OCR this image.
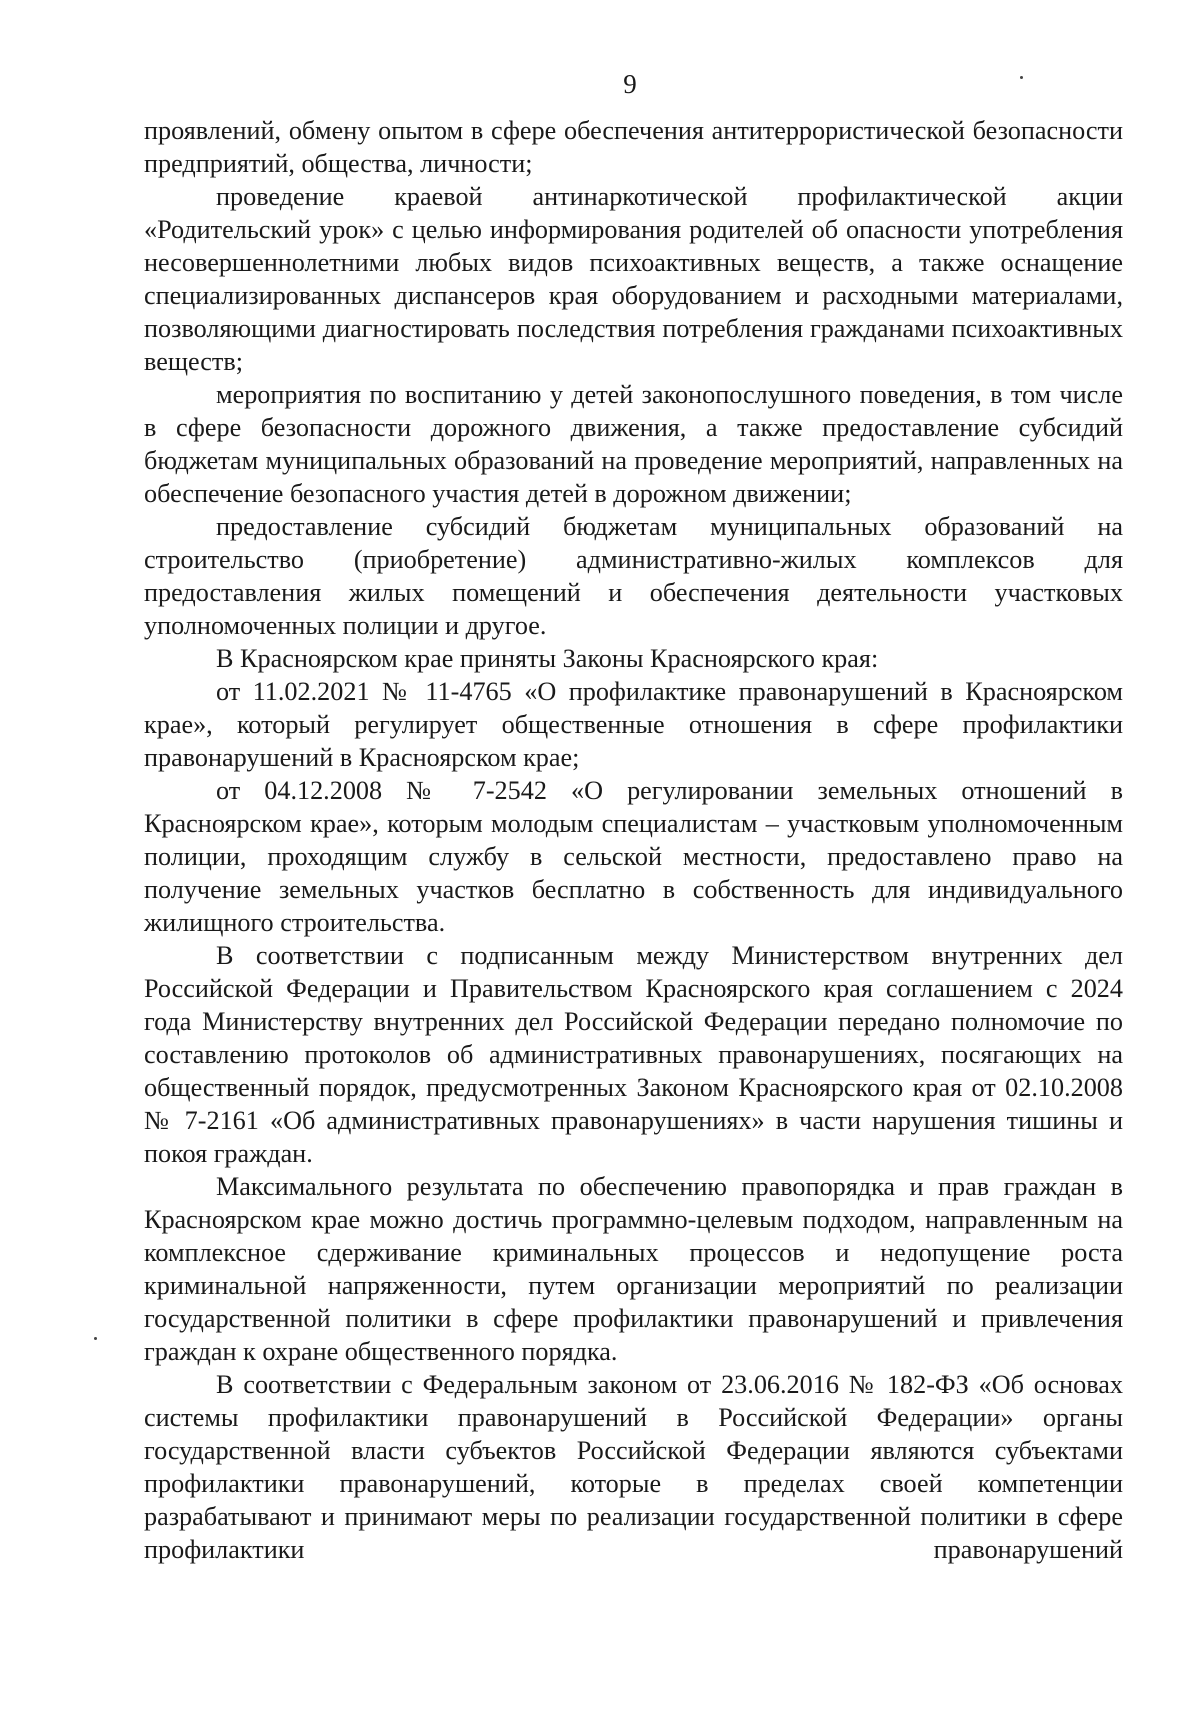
9

проявлений, обмену опытом в сфере обеспечения антитеррористической безопасности предприятий, общества, личности;

проведение краевой антинаркотической профилактической акции «Родительский урок» с целью информирования родителей об опасности употребления несовершеннолетними любых видов психоактивных веществ, а также оснащение специализированных диспансеров края оборудованием и расходными материалами, позволяющими диагностировать последствия потребления гражданами психоактивных веществ;

мероприятия по воспитанию у детей законопослушного поведения, в том числе в сфере безопасности дорожного движения, а также предоставление субсидий бюджетам муниципальных образований на проведение мероприятий, направленных на обеспечение безопасного участия детей в дорожном движении;

предоставление субсидий бюджетам муниципальных образований на строительство (приобретение) административно-жилых комплексов для предоставления жилых помещений и обеспечения деятельности участковых уполномоченных полиции и другое.

В Красноярском крае приняты Законы Красноярского края:

от 11.02.2021 № 11-4765 «О профилактике правонарушений в Красноярском крае», который регулирует общественные отношения в сфере профилактики правонарушений в Красноярском крае;

от 04.12.2008 № 7-2542 «О регулировании земельных отношений в Красноярском крае», которым молодым специалистам – участковым уполномоченным полиции, проходящим службу в сельской местности, предоставлено право на получение земельных участков бесплатно в собственность для индивидуального жилищного строительства.

В соответствии с подписанным между Министерством внутренних дел Российской Федерации и Правительством Красноярского края соглашением с 2024 года Министерству внутренних дел Российской Федерации передано полномочие по составлению протоколов об административных правонарушениях, посягающих на общественный порядок, предусмотренных Законом Красноярского края от 02.10.2008 № 7-2161 «Об административных правонарушениях» в части нарушения тишины и покоя граждан.

Максимального результата по обеспечению правопорядка и прав граждан в Красноярском крае можно достичь программно-целевым подходом, направленным на комплексное сдерживание криминальных процессов и недопущение роста криминальной напряженности, путем организации мероприятий по реализации государственной политики в сфере профилактики правонарушений и привлечения граждан к охране общественного порядка.

В соответствии с Федеральным законом от 23.06.2016 № 182-ФЗ «Об основах системы профилактики правонарушений в Российской Федерации» органы государственной власти субъектов Российской Федерации являются субъектами профилактики правонарушений, которые в пределах своей компетенции разрабатывают и принимают меры по реализации государственной политики в сфере профилактики правонарушений
